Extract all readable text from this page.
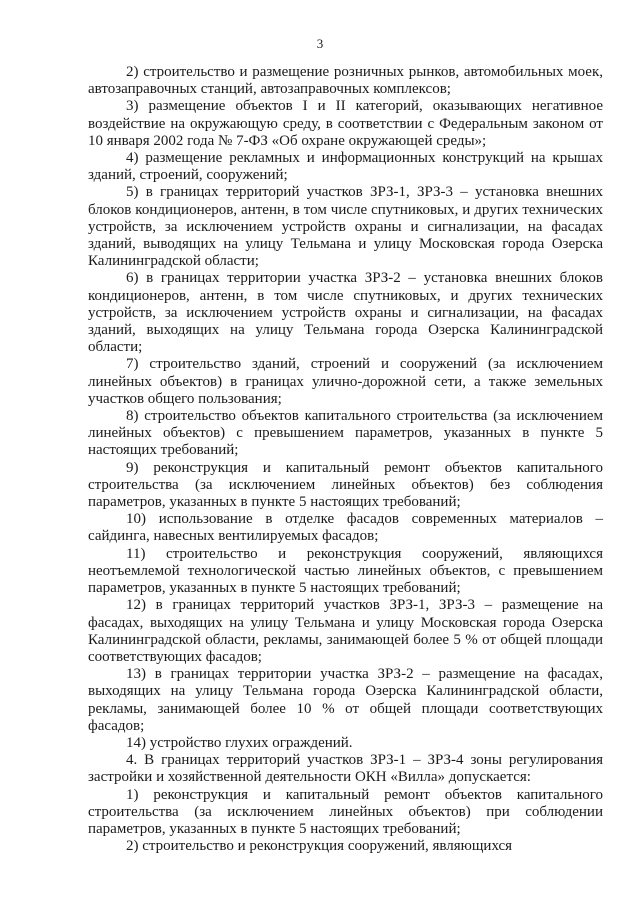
3

2) строительство и размещение розничных рынков, автомобильных моек, автозаправочных станций, автозаправочных комплексов;

3) размещение объектов I и II категорий, оказывающих негативное воздействие на окружающую среду, в соответствии с Федеральным законом от 10 января 2002 года № 7-ФЗ «Об охране окружающей среды»;

4) размещение рекламных и информационных конструкций на крышах зданий, строений, сооружений;

5) в границах территорий участков ЗРЗ-1, ЗРЗ-3 – установка внешних блоков кондиционеров, антенн, в том числе спутниковых, и других технических устройств, за исключением устройств охраны и сигнализации, на фасадах зданий, выводящих на улицу Тельмана и улицу Московская города Озерска Калининградской области;

6) в границах территории участка ЗРЗ-2 – установка внешних блоков кондиционеров, антенн, в том числе спутниковых, и других технических устройств, за исключением устройств охраны и сигнализации, на фасадах зданий, выходящих на улицу Тельмана города Озерска Калининградской области;

7) строительство зданий, строений и сооружений (за исключением линейных объектов) в границах улично-дорожной сети, а также земельных участков общего пользования;

8) строительство объектов капитального строительства (за исключением линейных объектов) с превышением параметров, указанных в пункте 5 настоящих требований;

9) реконструкция и капитальный ремонт объектов капитального строительства (за исключением линейных объектов) без соблюдения параметров, указанных в пункте 5 настоящих требований;

10) использование в отделке фасадов современных материалов – сайдинга, навесных вентилируемых фасадов;

11) строительство и реконструкция сооружений, являющихся неотъемлемой технологической частью линейных объектов, с превышением параметров, указанных в пункте 5 настоящих требований;

12) в границах территорий участков ЗРЗ-1, ЗРЗ-3 – размещение на фасадах, выходящих на улицу Тельмана и улицу Московская города Озерска Калининградской области, рекламы, занимающей более 5 % от общей площади соответствующих фасадов;

13) в границах территории участка ЗРЗ-2 – размещение на фасадах, выходящих на улицу Тельмана города Озерска Калининградской области, рекламы, занимающей более 10 % от общей площади соответствующих фасадов;

14) устройство глухих ограждений.

4. В границах территорий участков ЗРЗ-1 – ЗРЗ-4 зоны регулирования застройки и хозяйственной деятельности ОКН «Вилла» допускается:

1) реконструкция и капитальный ремонт объектов капитального строительства (за исключением линейных объектов) при соблюдении параметров, указанных в пункте 5 настоящих требований;

2) строительство и реконструкция сооружений, являющихся
